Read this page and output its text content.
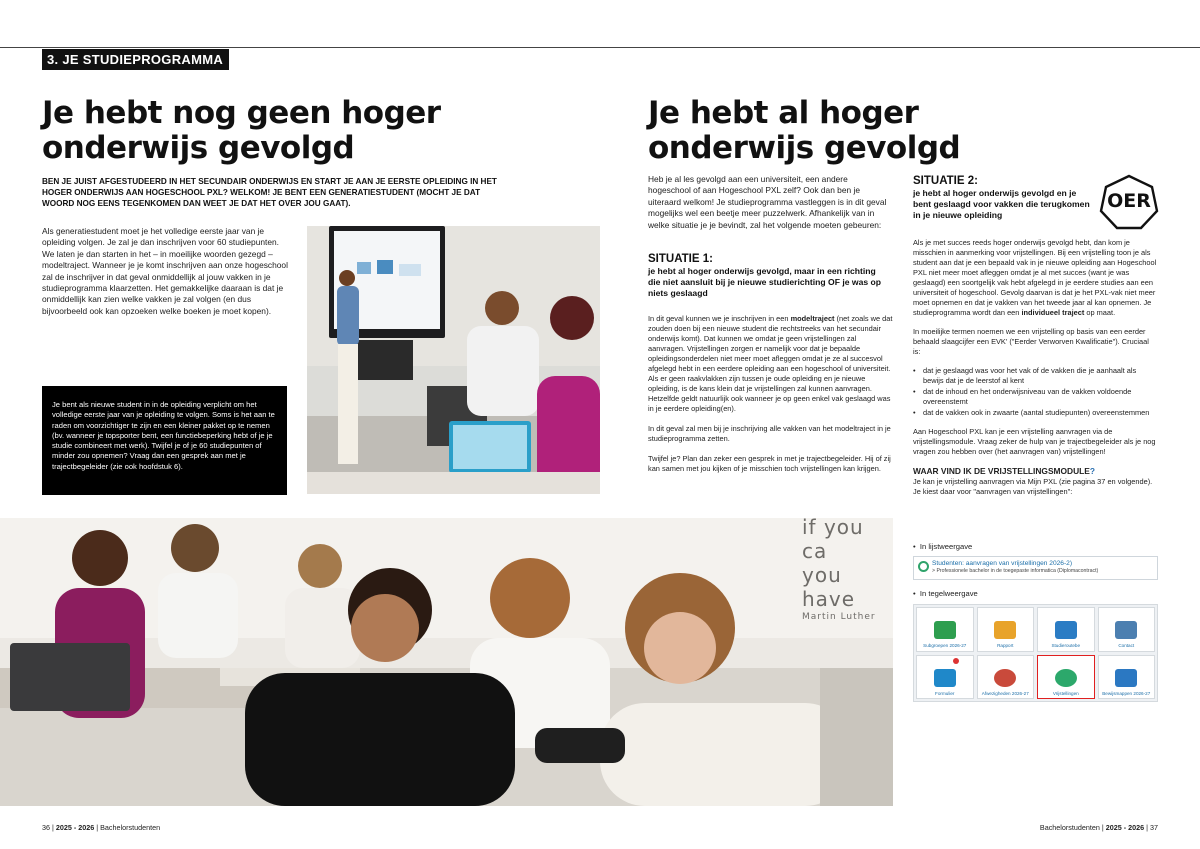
3. JE STUDIEPROGRAMMA
Je hebt nog geen hoger
onderwijs gevolgd
BEN JE JUIST AFGESTUDEERD IN HET SECUNDAIR ONDERWIJS EN START JE AAN JE EERSTE OPLEIDING IN HET HOGER ONDERWIJS AAN HOGESCHOOL PXL? WELKOM! JE BENT EEN GENERATIESTUDENT (MOCHT JE DAT WOORD NOG EENS TEGENKOMEN DAN WEET JE DAT HET OVER JOU GAAT).

Als generatiestudent moet je het volledige eerste jaar van je opleiding volgen. Je zal je dan inschrijven voor 60 studiepunten. We laten je dan starten in het – in moeilijke woorden gezegd – modeltraject. Wanneer je je komt inschrijven aan onze hogeschool zal de inschrijver in dat geval onmiddellijk al jouw vakken in je studieprogramma klaarzetten. Het gemakkelijke daaraan is dat je onmiddellijk kan zien welke vakken je zal volgen (en dus bijvoorbeeld ook kan opzoeken welke boeken je moet kopen).

Je bent als nieuwe student in in de opleiding verplicht om het volledige eerste jaar van je opleiding te volgen. Soms is het aan te raden om voorzichtiger te zijn en een kleiner pakket op te nemen (bv. wanneer je topsporter bent, een functiebeperking hebt of je je studie combineert met werk). Twijfel je of je 60 studiepunten of minder zou opnemen? Vraag dan een gesprek aan met je trajectbegeleider (zie ook hoofdstuk 6).
if you ca
you have
Martin Luther
Je hebt al hoger
onderwijs gevolgd

Heb je al les gevolgd aan een universiteit, een andere hogeschool of aan Hogeschool PXL zelf? Ook dan ben je uiteraard welkom! Je studieprogramma vastleggen is in dit geval mogelijks wel een beetje meer puzzelwerk. Afhankelijk van in welke situatie je je bevindt, zal het volgende moeten gebeuren:

SITUATIE 1:
je hebt al hoger onderwijs gevolgd, maar in een richting die niet aansluit bij je nieuwe studierichting OF je was op niets geslaagd

In dit geval kunnen we je inschrijven in een modeltraject (net zoals we dat zouden doen bij een nieuwe student die rechtstreeks van het secundair onderwijs komt). Dat kunnen we omdat je geen vrijstellingen zal aanvragen. Vrijstellingen zorgen er namelijk voor dat je bepaalde opleidingsonderdelen niet meer moet afleggen omdat je ze al succesvol afgelegd hebt in een eerdere opleiding aan een hogeschool of universiteit. Als er geen raakvlakken zijn tussen je oude opleiding en je nieuwe opleiding, is de kans klein dat je vrijstellingen zal kunnen aanvragen. Hetzelfde geldt natuurlijk ook wanneer je op geen enkel vak geslaagd was in je eerdere opleiding(en).

In dit geval zal men bij je inschrijving alle vakken van het modeltraject in je studieprogramma zetten.

Twijfel je? Plan dan zeker een gesprek in met je trajectbegeleider. Hij of zij kan samen met jou kijken of je misschien toch vrijstellingen kan krijgen.

SITUATIE 2:
je hebt al hoger onderwijs gevolgd en je bent geslaagd voor vakken die terugkomen in je nieuwe opleiding
OER

Als je met succes reeds hoger onderwijs gevolgd hebt, dan kom je misschien in aanmerking voor vrijstellingen. Bij een vrijstelling toon je als student aan dat je een bepaald vak in je nieuwe opleiding aan Hogeschool PXL niet meer moet afleggen omdat je al met succes (want je was geslaagd) een soortgelijk vak hebt afgelegd in je eerdere studies aan een universiteit of hogeschool. Gevolg daarvan is dat je het PXL-vak niet meer moet opnemen en dat je vakken van het tweede jaar al kan opnemen. Je studieprogramma wordt dan een individueel traject op maat.

In moeilijke termen noemen we een vrijstelling op basis van een eerder behaald slaagcijfer een EVK' ("Eerder Verworven Kwalificatie"). Cruciaal is:

• dat je geslaagd was voor het vak of de vakken die je aanhaalt als bewijs dat je de leerstof al kent
• dat de inhoud en het onderwijsniveau van de vakken voldoende overeenstemt
• dat de vakken ook in zwaarte (aantal studiepunten) overeenstemmen

Aan Hogeschool PXL kan je een vrijstelling aanvragen via de vrijstellingsmodule. Vraag zeker de hulp van je trajectbegeleider als je nog vragen zou hebben over (het aanvragen van) vrijstellingen!

WAAR VIND IK DE VRIJSTELLINGSMODULE?

Je kan je vrijstelling aanvragen via Mijn PXL (zie pagina 37 en volgende). Je kiest daar voor "aanvragen van vrijstellingen":

•  In lijstweergave
Studenten: aanvragen van vrijstellingen 2026-2)
> Professionele bachelor in de toegepaste informatica (Diplomacontract)
•  In tegelweergave
Subgroepen 2026-27	Rapport	Studieroutebe	Contact
Formulier	Afwezigheden 2026-27	Vrijstellingen	Bewijsmappen 2026-27
36 | 2025 - 2026 | Bachelorstudenten	Bachelorstudenten | 2025 - 2026 | 37
